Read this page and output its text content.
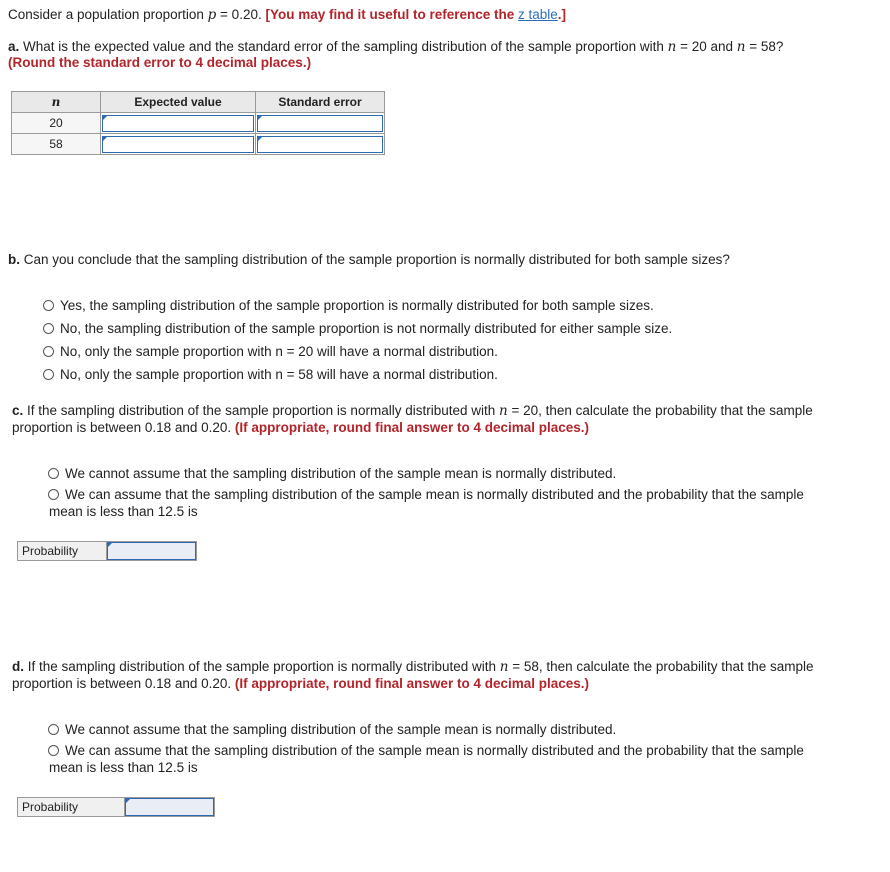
Consider a population proportion p = 0.20. [You may find it useful to reference the z table.]
a. What is the expected value and the standard error of the sampling distribution of the sample proportion with n = 20 and n = 58?
(Round the standard error to 4 decimal places.)
n	Expected value	Standard error
20	

58	

b. Can you conclude that the sampling distribution of the sample proportion is normally distributed for both sample sizes?
Yes, the sampling distribution of the sample proportion is normally distributed for both sample sizes.
No, the sampling distribution of the sample proportion is not normally distributed for either sample size.
No, only the sample proportion with n = 20 will have a normal distribution.
No, only the sample proportion with n = 58 will have a normal distribution.
c. If the sampling distribution of the sample proportion is normally distributed with n = 20, then calculate the probability that the sample
proportion is between 0.18 and 0.20. (If appropriate, round final answer to 4 decimal places.)
We cannot assume that the sampling distribution of the sample mean is normally distributed.
We can assume that the sampling distribution of the sample mean is normally distributed and the probability that the sample
mean is less than 12.5 is
Probability
d. If the sampling distribution of the sample proportion is normally distributed with n = 58, then calculate the probability that the sample
proportion is between 0.18 and 0.20. (If appropriate, round final answer to 4 decimal places.)
We cannot assume that the sampling distribution of the sample mean is normally distributed.
We can assume that the sampling distribution of the sample mean is normally distributed and the probability that the sample
mean is less than 12.5 is
Probability
